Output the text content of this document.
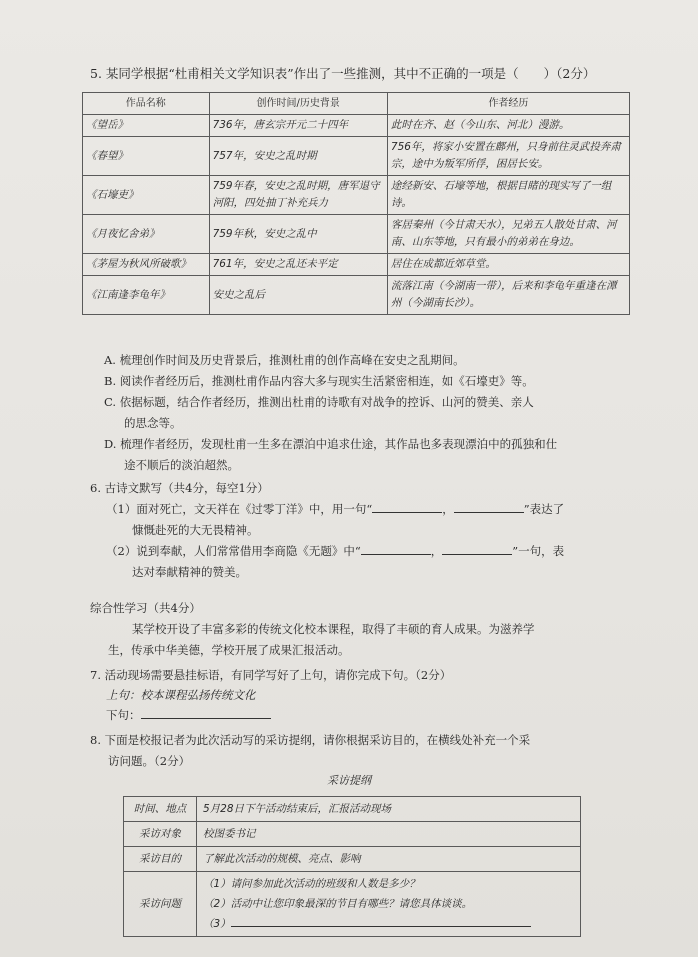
5. 某同学根据“杜甫相关文学知识表”作出了一些推测，其中不正确的一项是（　　）（2分）
作品名称	创作时间/历史背景	作者经历
《望岳》	736年，唐玄宗开元二十四年	此时在齐、赵（今山东、河北）漫游。
《春望》	757年，安史之乱时期	756年，将家小安置在鄜州，只身前往灵武投奔肃宗，途中为叛军所俘，困居长安。
《石壕吏》	759年春，安史之乱时期，唐军退守河阳，四处抽丁补充兵力	途经新安、石壕等地，根据目睹的现实写了一组诗。
《月夜忆舍弟》	759年秋，安史之乱中	客居秦州（今甘肃天水），兄弟五人散处甘肃、河南、山东等地，只有最小的弟弟在身边。
《茅屋为秋风所破歌》	761年，安史之乱还未平定	居住在成都近郊草堂。
《江南逢李龟年》	安史之乱后	流落江南（今湖南一带），后来和李龟年重逢在潭州（今湖南长沙）。

A. 梳理创作时间及历史背景后，推测杜甫的创作高峰在安史之乱期间。

B. 阅读作者经历后，推测杜甫作品内容大多与现实生活紧密相连，如《石壕吏》等。

C. 依据标题，结合作者经历，推测出杜甫的诗歌有对战争的控诉、山河的赞美、亲人

的思念等。

D. 梳理作者经历，发现杜甫一生多在漂泊中追求仕途，其作品也多表现漂泊中的孤独和仕

途不顺后的淡泊超然。

6. 古诗文默写（共4分，每空1分）

（1）面对死亡，文天祥在《过零丁洋》中，用一句“	，	”表达了

慷慨赴死的大无畏精神。

（2）说到奉献，人们常常借用李商隐《无题》中“	，	”一句，表

达对奉献精神的赞美。

综合性学习（共4分）

某学校开设了丰富多彩的传统文化校本课程，取得了丰硕的育人成果。为滋养学

生，传承中华美德，学校开展了成果汇报活动。

7. 活动现场需要悬挂标语，有同学写好了上句，请你完成下句。（2分）

上句：校本课程弘扬传统文化

下句：

8. 下面是校报记者为此次活动写的采访提纲，请你根据采访目的，在横线处补充一个采

访问题。（2分）

采访提纲
时间、地点	5月28日下午活动结束后，汇报活动现场
采访对象	校图委书记
采访目的	了解此次活动的规模、亮点、影响
采访问题	（1）请问参加此次活动的班级和人数是多少？
（2）活动中让您印象最深的节目有哪些？请您具体谈谈。
（3）
